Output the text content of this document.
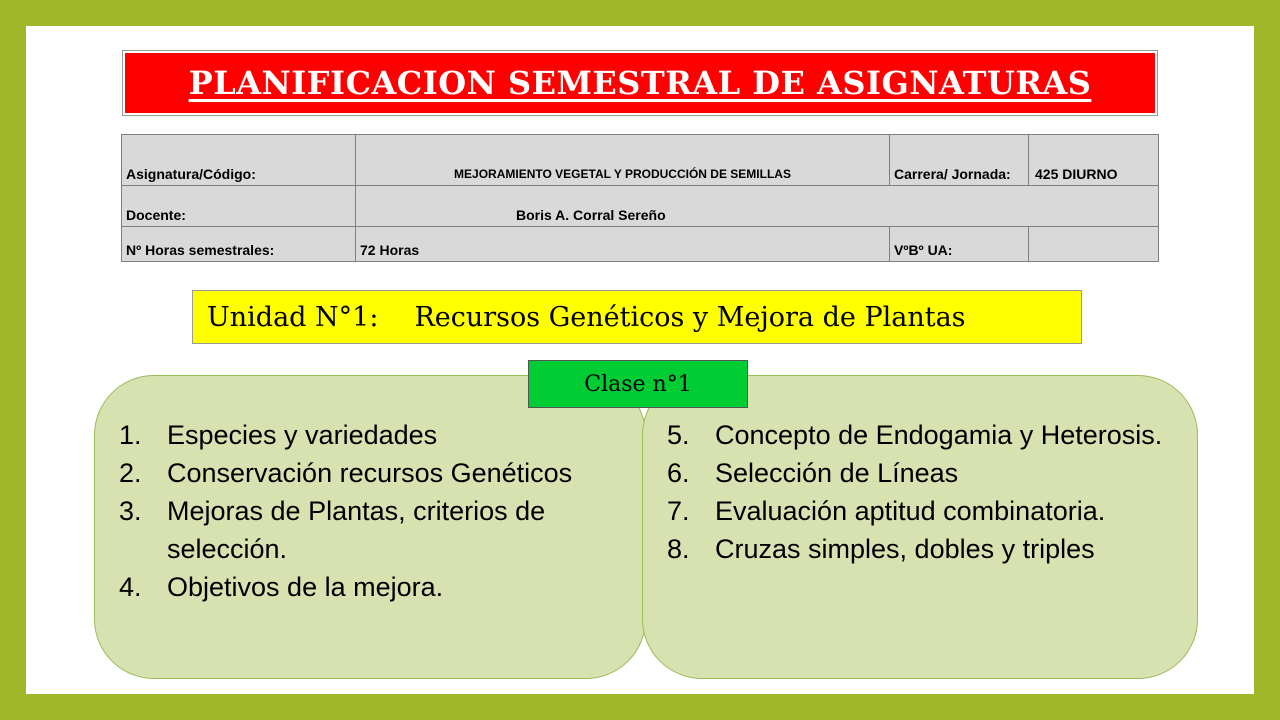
PLANIFICACION SEMESTRAL DE ASIGNATURAS
Asignatura/Código:	MEJORAMIENTO VEGETAL Y PRODUCCIÓN DE SEMILLAS	Carrera/ Jornada:	425 DIURNO
Docente:	Boris A. Corral Sereño		
Nº Horas semestrales:	72 Horas	VºBº UA:	
Unidad N°1: Recursos Genéticos y Mejora de Plantas
Clase n°1
1. Especies y variedades
2. Conservación recursos Genéticos
3. Mejoras de Plantas, criterios de selección.
4. Objetivos de la mejora.
5. Concepto de Endogamia y Heterosis.
6. Selección de Líneas
7. Evaluación aptitud combinatoria.
8. Cruzas simples, dobles y triples
